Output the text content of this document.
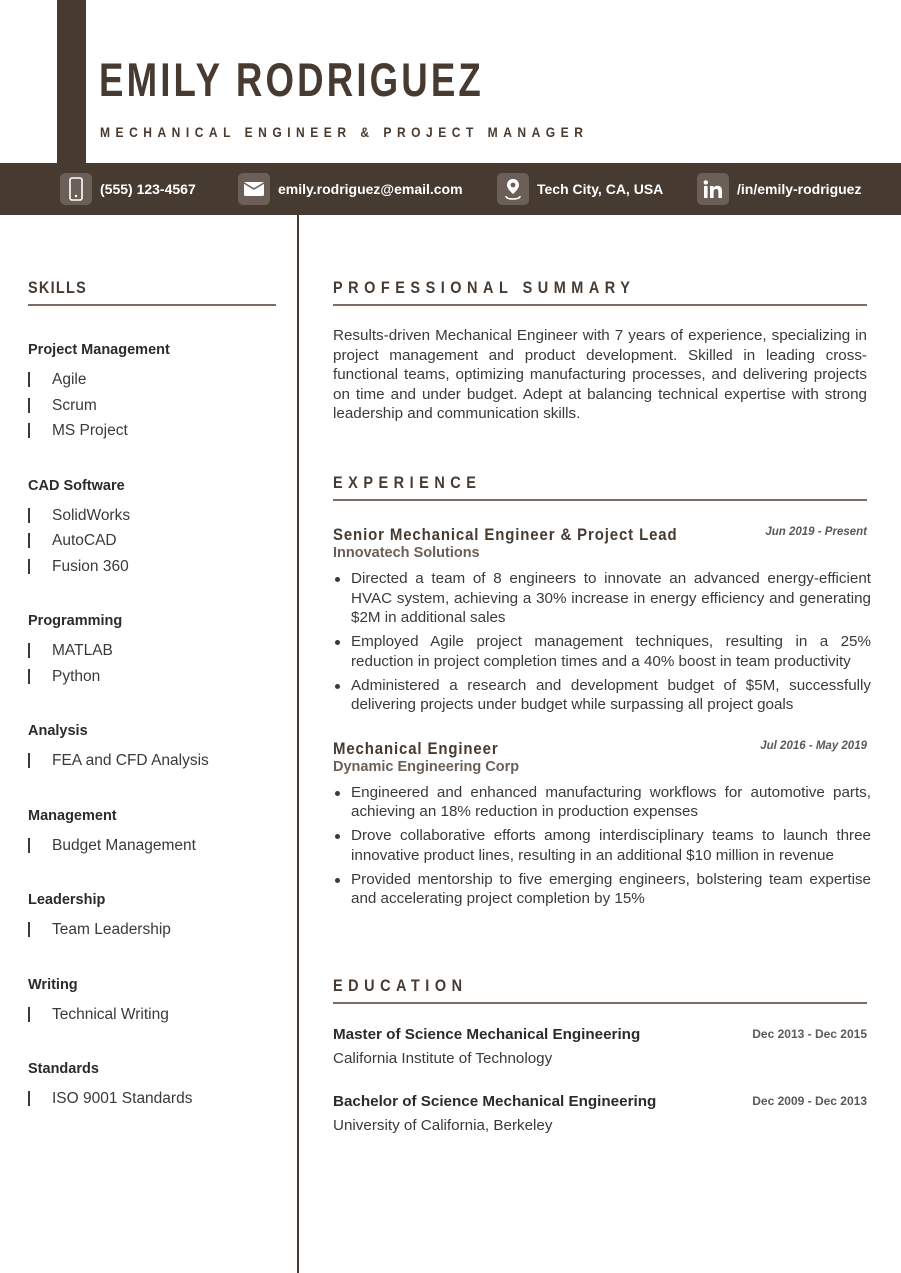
EMILY RODRIGUEZ
MECHANICAL ENGINEER & PROJECT MANAGER
(555) 123-4567	emily.rodriguez@email.com	Tech City, CA, USA	/in/emily-rodriguez
SKILLS
Project Management
Agile
Scrum
MS Project
CAD Software
SolidWorks
AutoCAD
Fusion 360
Programming
MATLAB
Python
Analysis
FEA and CFD Analysis
Management
Budget Management
Leadership
Team Leadership
Writing
Technical Writing
Standards
ISO 9001 Standards
PROFESSIONAL SUMMARY

Results-driven Mechanical Engineer with 7 years of experience, specializing in project management and product development. Skilled in leading cross-functional teams, optimizing manufacturing processes, and delivering projects on time and under budget. Adept at balancing technical expertise with strong leadership and communication skills.

EXPERIENCE
Senior Mechanical Engineer & Project Lead	Jun 2019 - Present
Innovatech Solutions
Directed a team of 8 engineers to innovate an advanced energy-efficient HVAC system, achieving a 30% increase in energy efficiency and generating $2M in additional sales
Employed Agile project management techniques, resulting in a 25% reduction in project completion times and a 40% boost in team productivity
Administered a research and development budget of $5M, successfully delivering projects under budget while surpassing all project goals
Mechanical Engineer	Jul 2016 - May 2019
Dynamic Engineering Corp
Engineered and enhanced manufacturing workflows for automotive parts, achieving an 18% reduction in production expenses
Drove collaborative efforts among interdisciplinary teams to launch three innovative product lines, resulting in an additional $10 million in revenue
Provided mentorship to five emerging engineers, bolstering team expertise and accelerating project completion by 15%
EDUCATION
Master of Science Mechanical Engineering	Dec 2013 - Dec 2015
California Institute of Technology
Bachelor of Science Mechanical Engineering	Dec 2009 - Dec 2013
University of California, Berkeley
